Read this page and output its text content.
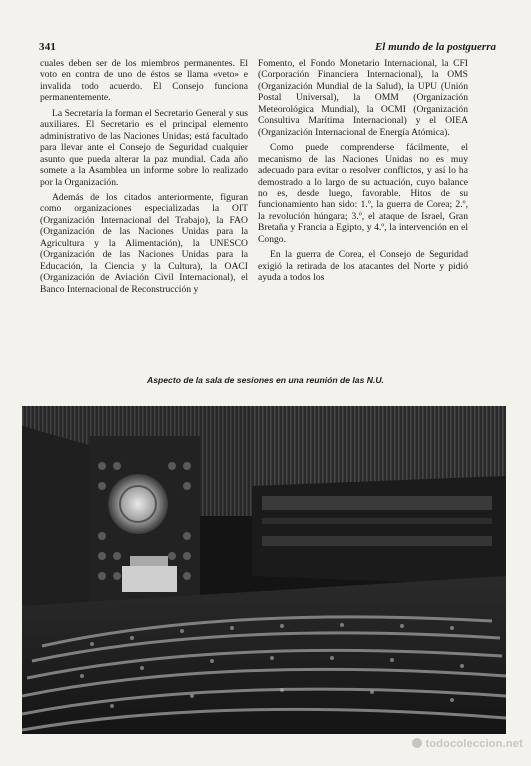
341	El mundo de la postguerra

cuales deben ser de los miembros permanentes. El voto en contra de uno de éstos se llama «veto» e invalida todo acuerdo. El Consejo funciona permanentemente.

La Secretaría la forman el Secretario General y sus auxiliares. El Secretario es el principal elemento administrativo de las Naciones Unidas; está facultado para llevar ante el Consejo de Seguridad cualquier asunto que pueda alterar la paz mundial. Cada año somete a la Asamblea un informe sobre lo realizado por la Organización.

Además de los citados anteriormente, figuran como organizaciones especializadas la OIT (Organización Internacional del Trabajo), la FAO (Organización de las Naciones Unidas para la Agricultura y la Alimentación), la UNESCO (Organización de las Naciones Unidas para la Educación, la Ciencia y la Cultura), la OACI (Organización de Aviación Civil Internacional), el Banco Internacional de Reconstrucción y

Fomento, el Fondo Monetario Internacional, la CFI (Corporación Financiera Internacional), la OMS (Organización Mundial de la Salud), la UPU (Unión Postal Universal), la OMM (Organización Meteorológica Mundial), la OCMI (Organización Consultiva Marítima Internacional) y el OIEA (Organización Internacional de Energía Atómica).

Como puede comprenderse fácilmente, el mecanismo de las Naciones Unidas no es muy adecuado para evitar o resolver conflictos, y así lo ha demostrado a lo largo de su actuación, cuyo balance no es, desde luego, favorable. Hitos de su funcionamiento han sido: 1.º, la guerra de Corea; 2.º, la revolución húngara; 3.º, el ataque de Israel, Gran Bretaña y Francia a Egipto, y 4.º, la intervención en el Congo.

En la guerra de Corea, el Consejo de Seguridad exigió la retirada de los atacantes del Norte y pidió ayuda a todos los

Aspecto de la sala de sesiones en una reunión de las N.U.
todocoleccion.net
